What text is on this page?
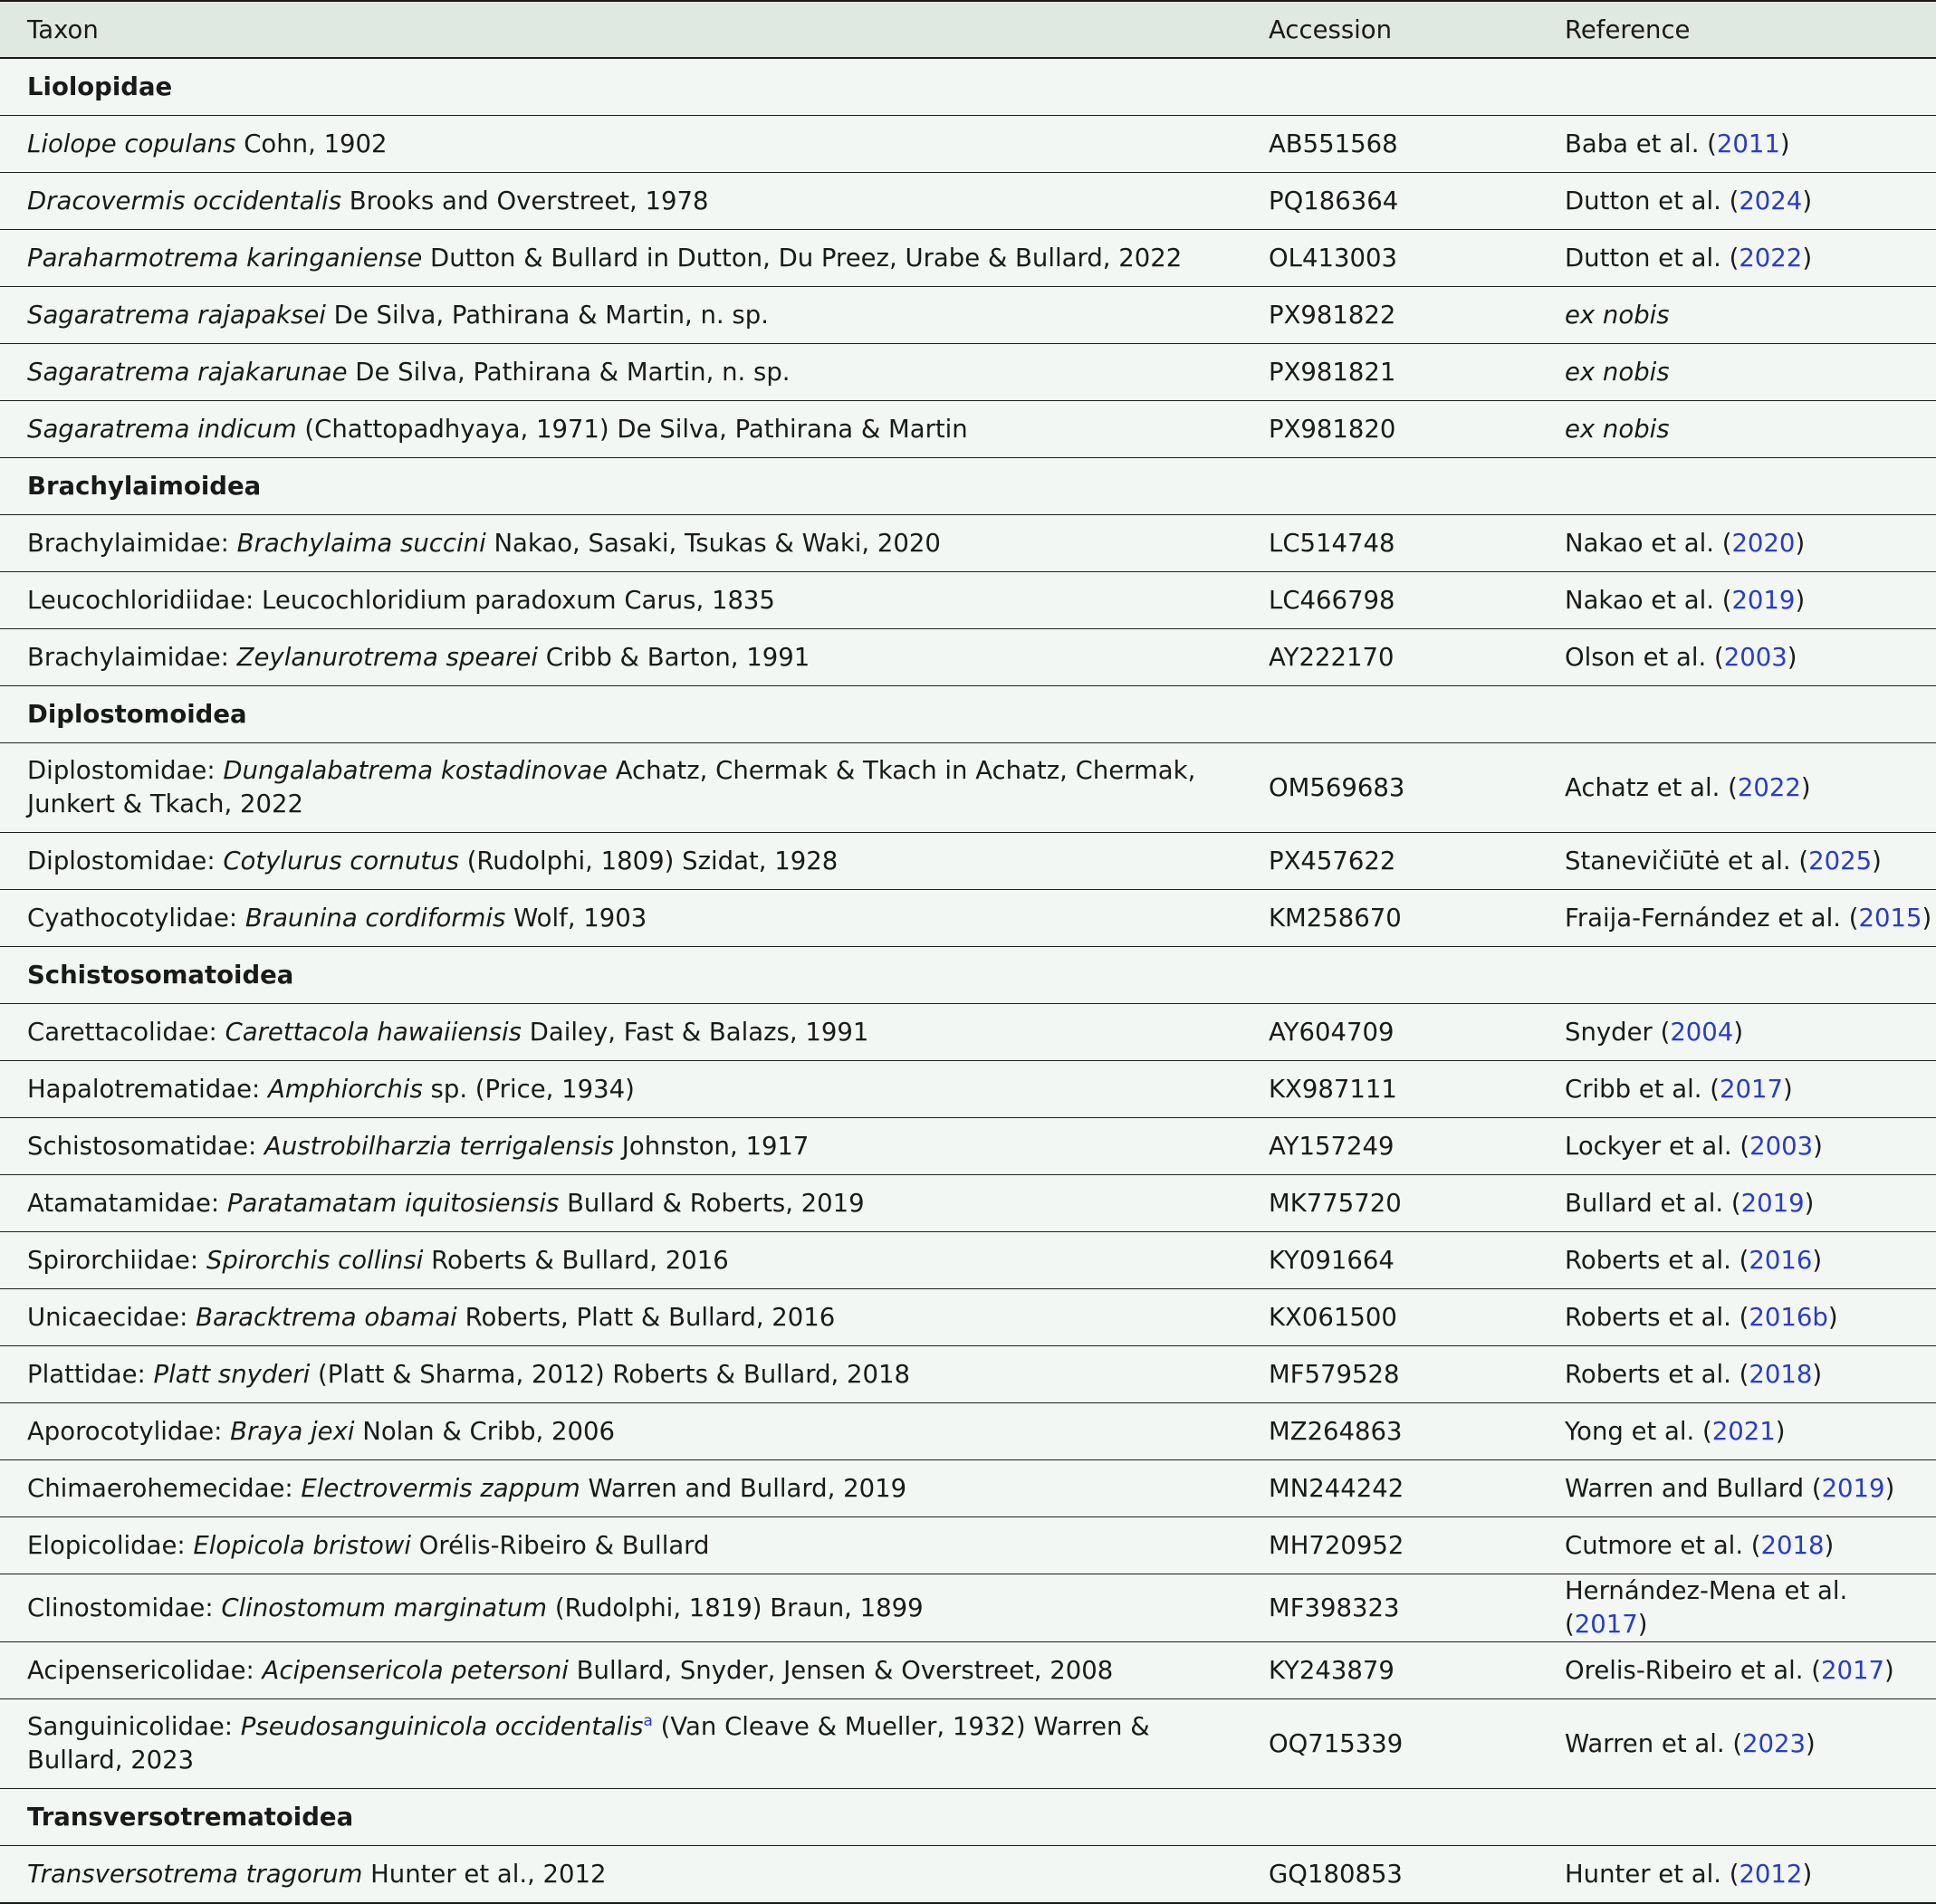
Taxon	Accession	Reference
Liolopidae		
Liolope copulans Cohn, 1902	AB551568	Baba et al. (2011)
Dracovermis occidentalis Brooks and Overstreet, 1978	PQ186364	Dutton et al. (2024)
Paraharmotrema karinganiense Dutton & Bullard in Dutton, Du Preez, Urabe & Bullard, 2022	OL413003	Dutton et al. (2022)
Sagaratrema rajapaksei De Silva, Pathirana & Martin, n. sp.	PX981822	ex nobis
Sagaratrema rajakarunae De Silva, Pathirana & Martin, n. sp.	PX981821	ex nobis
Sagaratrema indicum (Chattopadhyaya, 1971) De Silva, Pathirana & Martin	PX981820	ex nobis
Brachylaimoidea		
Brachylaimidae: Brachylaima succini Nakao, Sasaki, Tsukas & Waki, 2020	LC514748	Nakao et al. (2020)
Leucochloridiidae: Leucochloridium paradoxum Carus, 1835	LC466798	Nakao et al. (2019)
Brachylaimidae: Zeylanurotrema spearei Cribb & Barton, 1991	AY222170	Olson et al. (2003)
Diplostomoidea		
Diplostomidae: Dungalabatrema kostadinovae Achatz, Chermak & Tkach in Achatz, Chermak, Junkert & Tkach, 2022	OM569683	Achatz et al. (2022)
Diplostomidae: Cotylurus cornutus (Rudolphi, 1809) Szidat, 1928	PX457622	Stanevičiūtė et al. (2025)
Cyathocotylidae: Braunina cordiformis Wolf, 1903	KM258670	Fraija-Fernández et al. (2015)
Schistosomatoidea		
Carettacolidae: Carettacola hawaiiensis Dailey, Fast & Balazs, 1991	AY604709	Snyder (2004)
Hapalotrematidae: Amphiorchis sp. (Price, 1934)	KX987111	Cribb et al. (2017)
Schistosomatidae: Austrobilharzia terrigalensis Johnston, 1917	AY157249	Lockyer et al. (2003)
Atamatamidae: Paratamatam iquitosiensis Bullard & Roberts, 2019	MK775720	Bullard et al. (2019)
Spirorchiidae: Spirorchis collinsi Roberts & Bullard, 2016	KY091664	Roberts et al. (2016)
Unicaecidae: Baracktrema obamai Roberts, Platt & Bullard, 2016	KX061500	Roberts et al. (2016b)
Plattidae: Platt snyderi (Platt & Sharma, 2012) Roberts & Bullard, 2018	MF579528	Roberts et al. (2018)
Aporocotylidae: Braya jexi Nolan & Cribb, 2006	MZ264863	Yong et al. (2021)
Chimaerohemecidae: Electrovermis zappum Warren and Bullard, 2019	MN244242	Warren and Bullard (2019)
Elopicolidae: Elopicola bristowi Orélis-Ribeiro & Bullard	MH720952	Cutmore et al. (2018)
Clinostomidae: Clinostomum marginatum (Rudolphi, 1819) Braun, 1899	MF398323	Hernández-Mena et al. (2017)
Acipensericolidae: Acipensericola petersoni Bullard, Snyder, Jensen & Overstreet, 2008	KY243879	Orelis-Ribeiro et al. (2017)
Sanguinicolidae: Pseudosanguinicola occidentalis$^a$ (Van Cleave & Mueller, 1932) Warren & Bullard, 2023	OQ715339	Warren et al. (2023)
Transversotrematoidea		
Transversotrema tragorum Hunter et al., 2012	GQ180853	Hunter et al. (2012)
